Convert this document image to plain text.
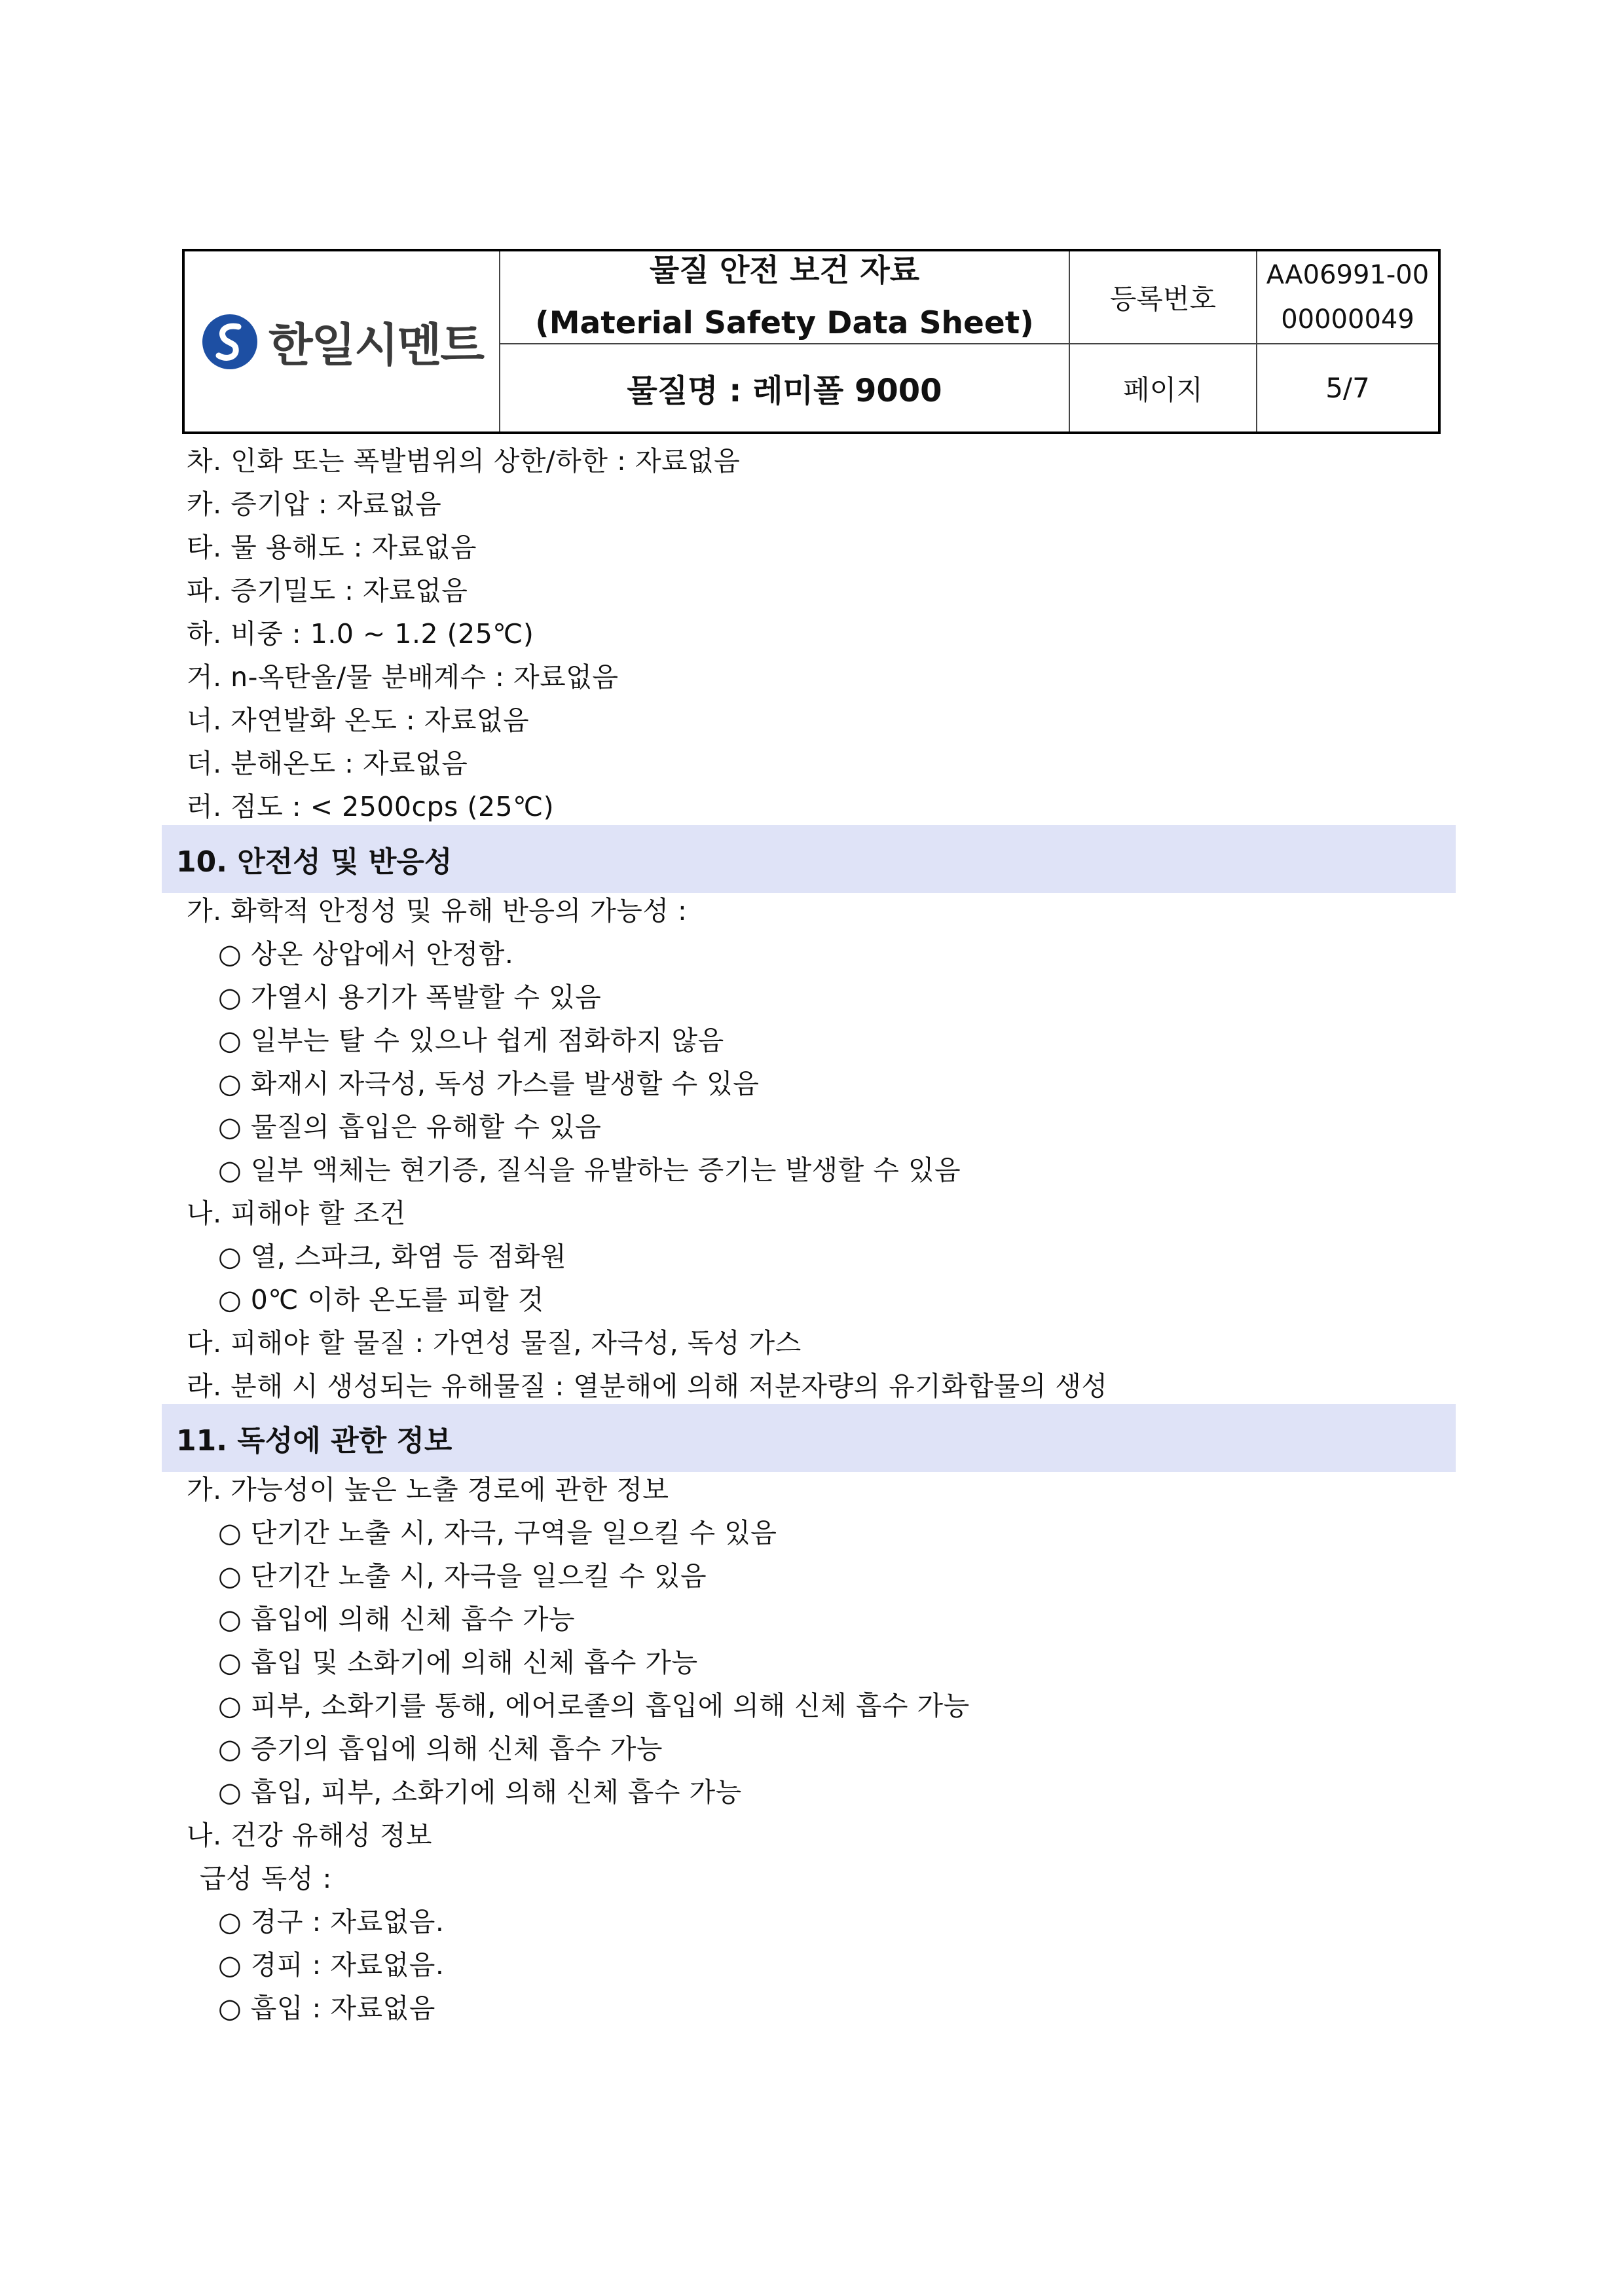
한일시멘트
물질 안전 보건 자료
(Material Safety Data Sheet)
등록번호
AA06991-00
00000049
물질명 : 레미폴 9000	페이지	5/7
차. 인화 또는 폭발범위의 상한/하한 : 자료없음
카. 증기압 : 자료없음
타. 물 용해도 : 자료없음
파. 증기밀도 : 자료없음
하. 비중 : 1.0 ~ 1.2 (25℃)
거. n-옥탄올/물 분배계수 : 자료없음
너. 자연발화 온도 : 자료없음
더. 분해온도 : 자료없음
러. 점도 : < 2500cps (25℃)
10. 안전성 및 반응성
가. 화학적 안정성 및 유해 반응의 가능성 :
○ 상온 상압에서 안정함.
○ 가열시 용기가 폭발할 수 있음
○ 일부는 탈 수 있으나 쉽게 점화하지 않음
○ 화재시 자극성, 독성 가스를 발생할 수 있음
○ 물질의 흡입은 유해할 수 있음
○ 일부 액체는 현기증, 질식을 유발하는 증기는 발생할 수 있음
나. 피해야 할 조건
○ 열, 스파크, 화염 등 점화원
○ 0℃ 이하 온도를 피할 것
다. 피해야 할 물질 : 가연성 물질, 자극성, 독성 가스
라. 분해 시 생성되는 유해물질 : 열분해에 의해 저분자량의 유기화합물의 생성
11. 독성에 관한 정보
가. 가능성이 높은 노출 경로에 관한 정보
○ 단기간 노출 시, 자극, 구역을 일으킬 수 있음
○ 단기간 노출 시, 자극을 일으킬 수 있음
○ 흡입에 의해 신체 흡수 가능
○ 흡입 및 소화기에 의해 신체 흡수 가능
○ 피부, 소화기를 통해, 에어로졸의 흡입에 의해 신체 흡수 가능
○ 증기의 흡입에 의해 신체 흡수 가능
○ 흡입, 피부, 소화기에 의해 신체 흡수 가능
나. 건강 유해성 정보
급성 독성 :
○ 경구 : 자료없음.
○ 경피 : 자료없음.
○ 흡입 : 자료없음
